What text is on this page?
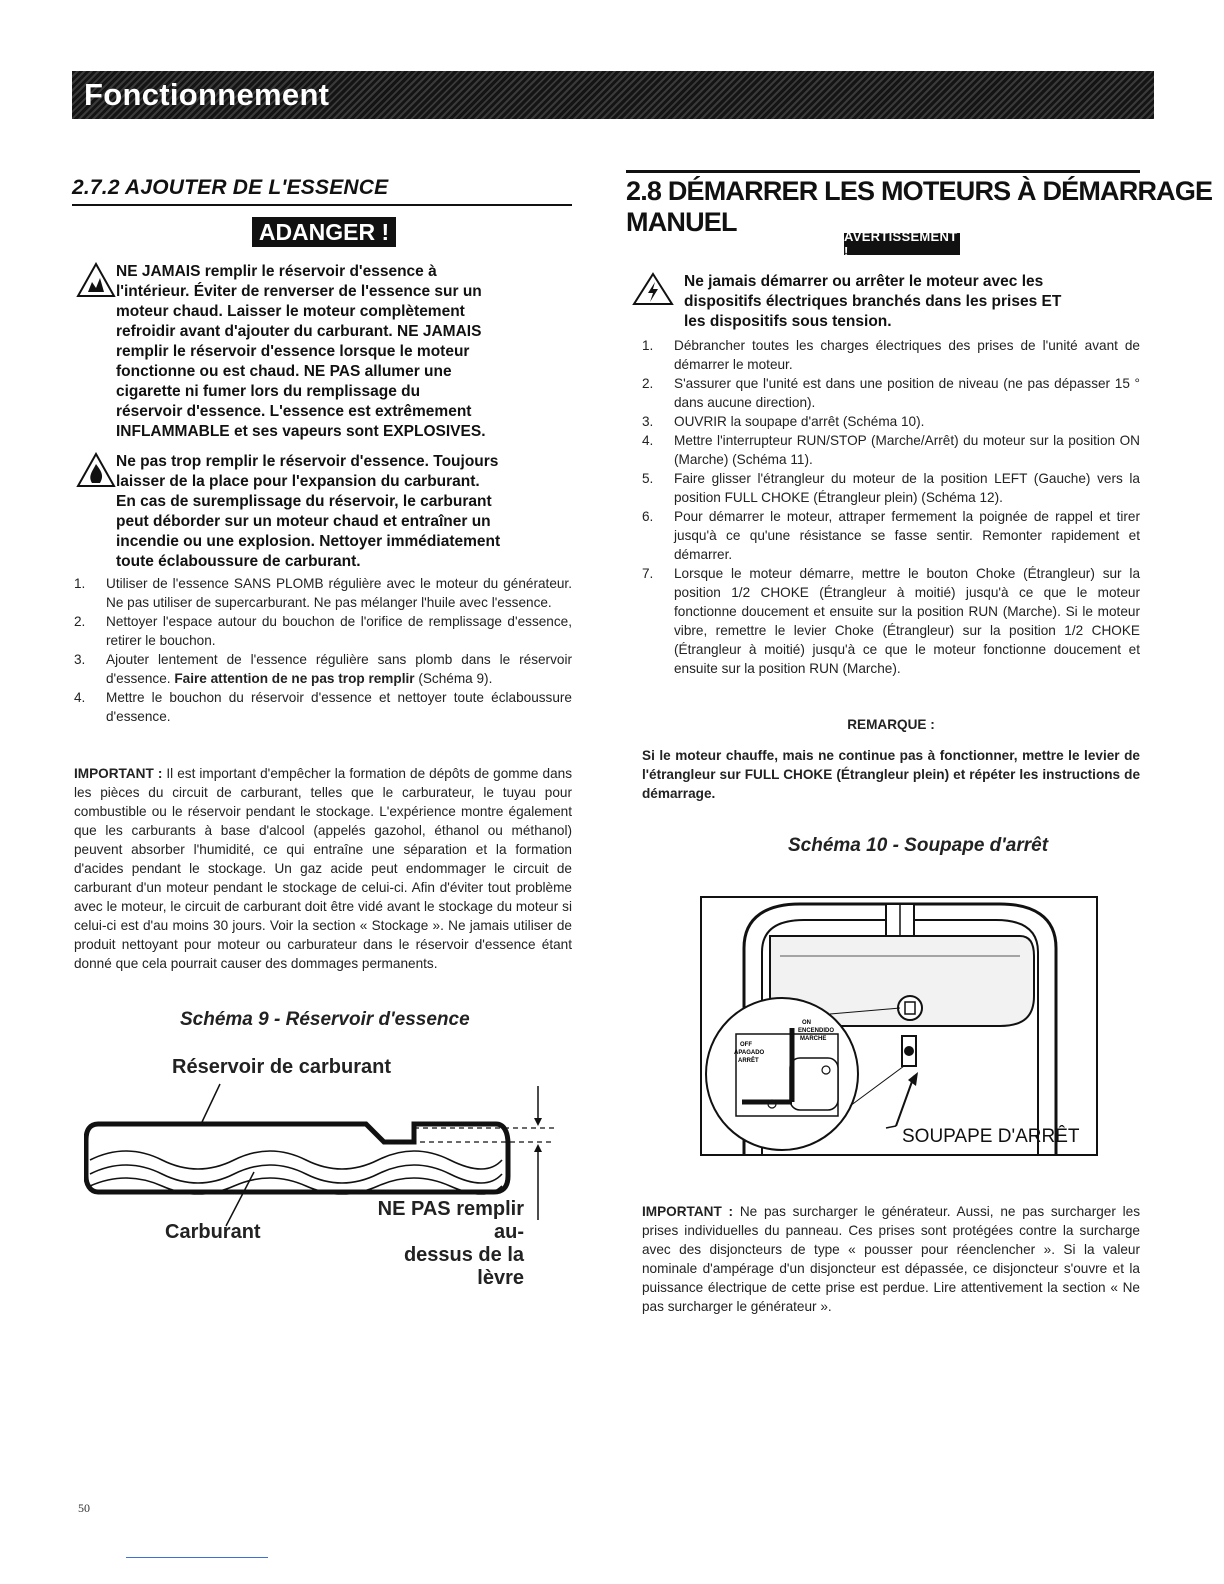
Fonctionnement
2.7.2 AJOUTER DE L'ESSENCE
ADANGER !
NE JAMAIS remplir le réservoir d'essence à
l'intérieur. Éviter de renverser de l'essence sur un
moteur chaud. Laisser le moteur complètement
refroidir avant d'ajouter du carburant. NE JAMAIS
remplir le réservoir d'essence lorsque le moteur
fonctionne ou est chaud. NE PAS allumer une
cigarette ni fumer lors du remplissage du
réservoir d'essence. L'essence est extrêmement
INFLAMMABLE et ses vapeurs sont EXPLOSIVES.
Ne pas trop remplir le réservoir d'essence. Toujours
laisser de la place pour l'expansion du carburant.
En cas de suremplissage du réservoir, le carburant
peut déborder sur un moteur chaud et entraîner un
incendie ou une explosion. Nettoyer immédiatement
toute éclaboussure de carburant.
1. Utiliser de l'essence SANS PLOMB régulière avec le moteur du générateur. Ne pas utiliser de supercarburant. Ne pas mélanger l'huile avec l'essence.
2. Nettoyer l'espace autour du bouchon de l'orifice de remplissage d'essence, retirer le bouchon.
3. Ajouter lentement de l'essence régulière sans plomb dans le réservoir d'essence. Faire attention de ne pas trop remplir (Schéma 9).
4. Mettre le bouchon du réservoir d'essence et nettoyer toute éclaboussure d'essence.
IMPORTANT : Il est important d'empêcher la formation de dépôts de gomme dans les pièces du circuit de carburant, telles que le carburateur, le tuyau pour combustible ou le réservoir pendant le stockage. L'expérience montre également que les carburants à base d'alcool (appelés gazohol, éthanol ou méthanol) peuvent absorber l'humidité, ce qui entraîne une séparation et la formation d'acides pendant le stockage. Un gaz acide peut endommager le circuit de carburant d'un moteur pendant le stockage de celui-ci. Afin d'éviter tout problème avec le moteur, le circuit de carburant doit être vidé avant le stockage du moteur si celui-ci est d'au moins 30 jours. Voir la section « Stockage ». Ne jamais utiliser de produit nettoyant pour moteur ou carburateur dans le réservoir d'essence étant donné que cela pourrait causer des dommages permanents.
Schéma 9 - Réservoir d'essence
Réservoir de carburant
Carburant
NE PAS remplir au-
dessus de la lèvre
2.8 DÉMARRER LES MOTEURS À DÉMARRAGE MANUEL	AVERTISSEMENT !
Ne jamais démarrer ou arrêter le moteur avec les
dispositifs électriques branchés dans les prises ET
les dispositifs sous tension.
1. Débrancher toutes les charges électriques des prises de l'unité avant de démarrer le moteur.
2. S'assurer que l'unité est dans une position de niveau (ne pas dépasser 15 ° dans aucune direction).
3. OUVRIR la soupape d'arrêt (Schéma 10).
4. Mettre l'interrupteur RUN/STOP (Marche/Arrêt) du moteur sur la position ON (Marche) (Schéma 11).
5. Faire glisser l'étrangleur du moteur de la position LEFT (Gauche) vers la position FULL CHOKE (Étrangleur plein) (Schéma 12).
6. Pour démarrer le moteur, attraper fermement la poignée de rappel et tirer jusqu'à ce qu'une résistance se fasse sentir. Remonter rapidement et démarrer.
7. Lorsque le moteur démarre, mettre le bouton Choke (Étrangleur) sur la position 1/2 CHOKE (Étrangleur à moitié) jusqu'à ce que le moteur fonctionne doucement et ensuite sur la position RUN (Marche). Si le moteur vibre, remettre le levier Choke (Étrangleur) sur la position 1/2 CHOKE (Étrangleur à moitié) jusqu'à ce que le moteur fonctionne doucement et ensuite sur la position RUN (Marche).
REMARQUE :
Si le moteur chauffe, mais ne continue pas à fonctionner, mettre le levier de l'étrangleur sur FULL CHOKE (Étrangleur plein) et répéter les instructions de démarrage.
Schéma 10 - Soupape d'arrêt
ON
ENCENDIDO
MARCHE
OFF
APAGADO
ARRÊT
SOUPAPE D'ARRÊT
IMPORTANT : Ne pas surcharger le générateur. Aussi, ne pas surcharger les prises individuelles du panneau. Ces prises sont protégées contre la surcharge avec des disjoncteurs de type « pousser pour réenclencher ». Si la valeur nominale d'ampérage d'un disjoncteur est dépassée, ce disjoncteur s'ouvre et la puissance électrique de cette prise est perdue. Lire attentivement la section « Ne pas surcharger le générateur ».
50
